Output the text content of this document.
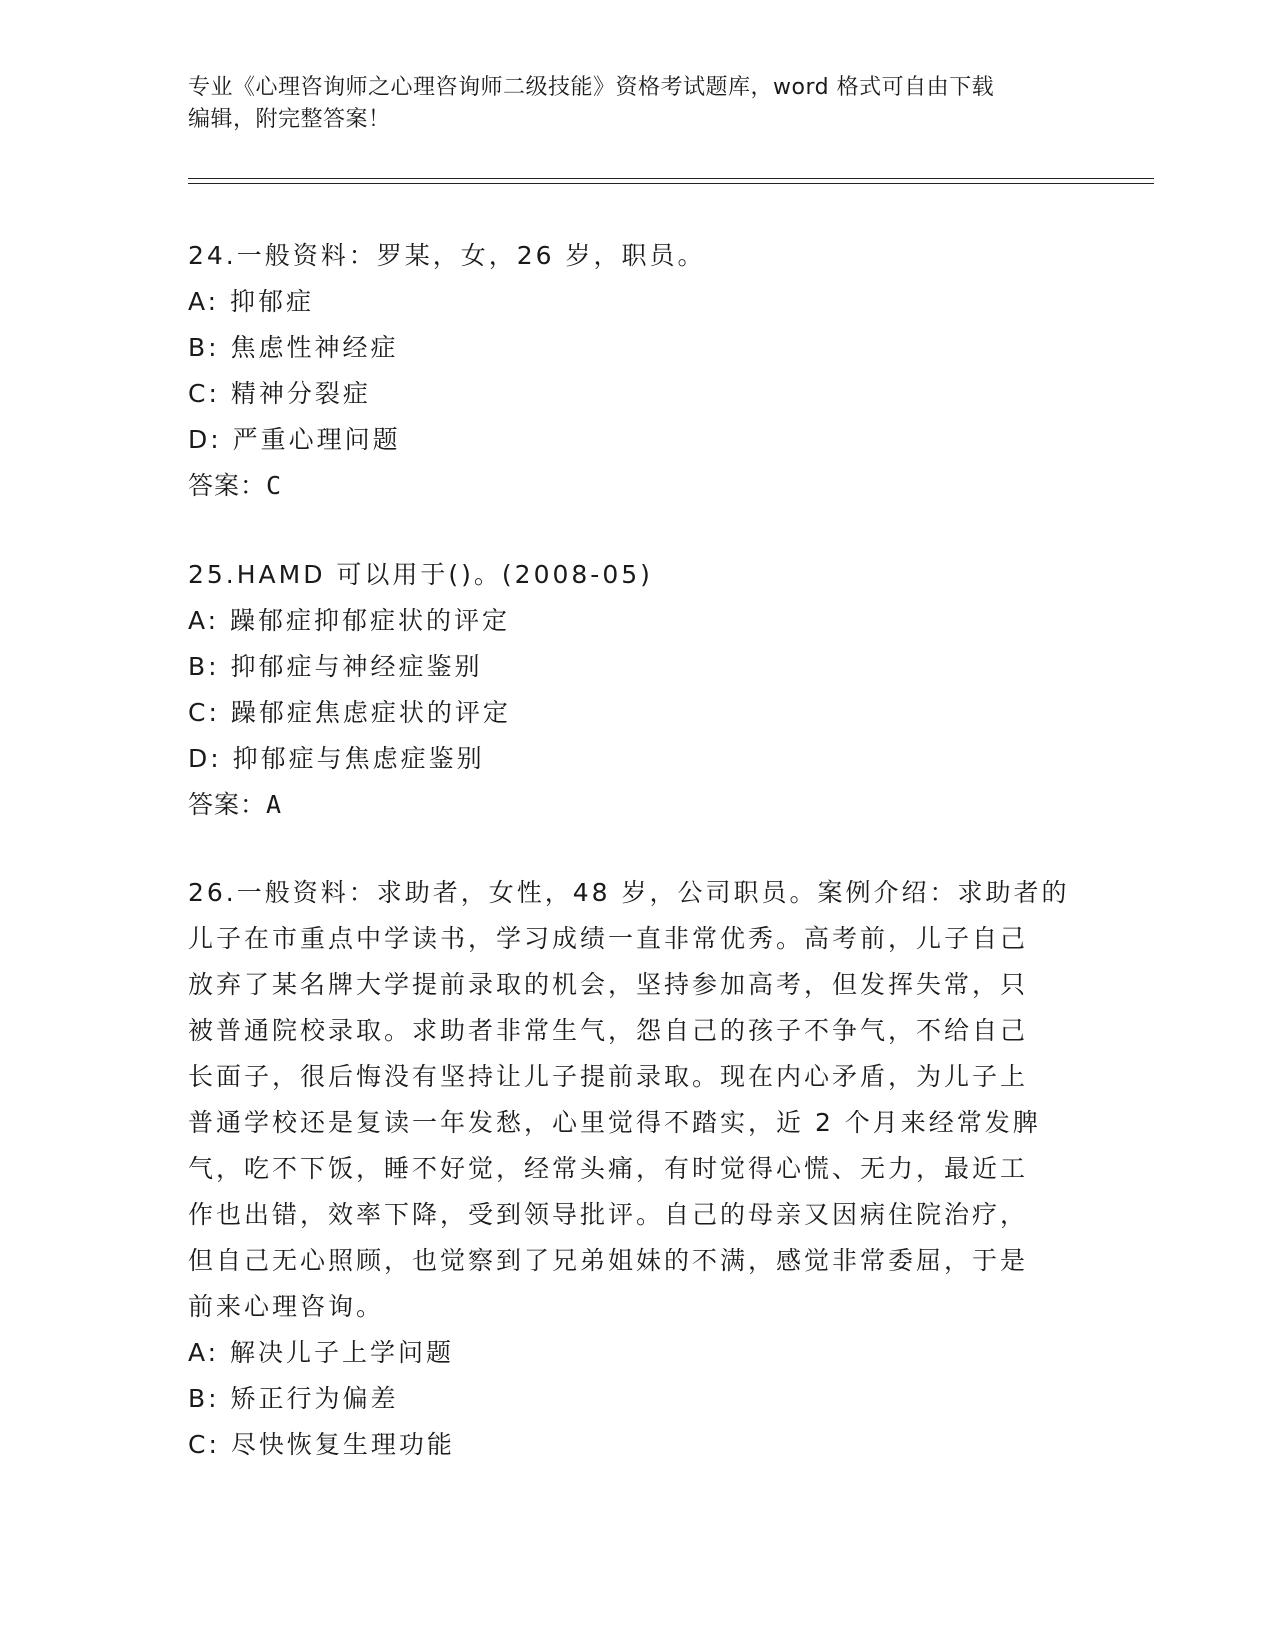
专业《心理咨询师之心理咨询师二级技能》资格考试题库，word 格式可自由下载
编辑，附完整答案！

24.一般资料：罗某，女，26 岁，职员。

A: 抑郁症

B: 焦虑性神经症

C: 精神分裂症

D: 严重心理问题

答案：C

25.HAMD 可以用于()。(2008-05)

A: 躁郁症抑郁症状的评定

B: 抑郁症与神经症鉴别

C: 躁郁症焦虑症状的评定

D: 抑郁症与焦虑症鉴别

答案：A

26.一般资料：求助者，女性，48 岁，公司职员。案例介绍：求助者的

儿子在市重点中学读书，学习成绩一直非常优秀。高考前，儿子自己

放弃了某名牌大学提前录取的机会，坚持参加高考，但发挥失常，只

被普通院校录取。求助者非常生气，怨自己的孩子不争气，不给自己

长面子，很后悔没有坚持让儿子提前录取。现在内心矛盾，为儿子上

普通学校还是复读一年发愁，心里觉得不踏实，近 2 个月来经常发脾

气，吃不下饭，睡不好觉，经常头痛，有时觉得心慌、无力，最近工

作也出错，效率下降，受到领导批评。自己的母亲又因病住院治疗，

但自己无心照顾，也觉察到了兄弟姐妹的不满，感觉非常委屈，于是

前来心理咨询。

A: 解决儿子上学问题

B: 矫正行为偏差

C: 尽快恢复生理功能
